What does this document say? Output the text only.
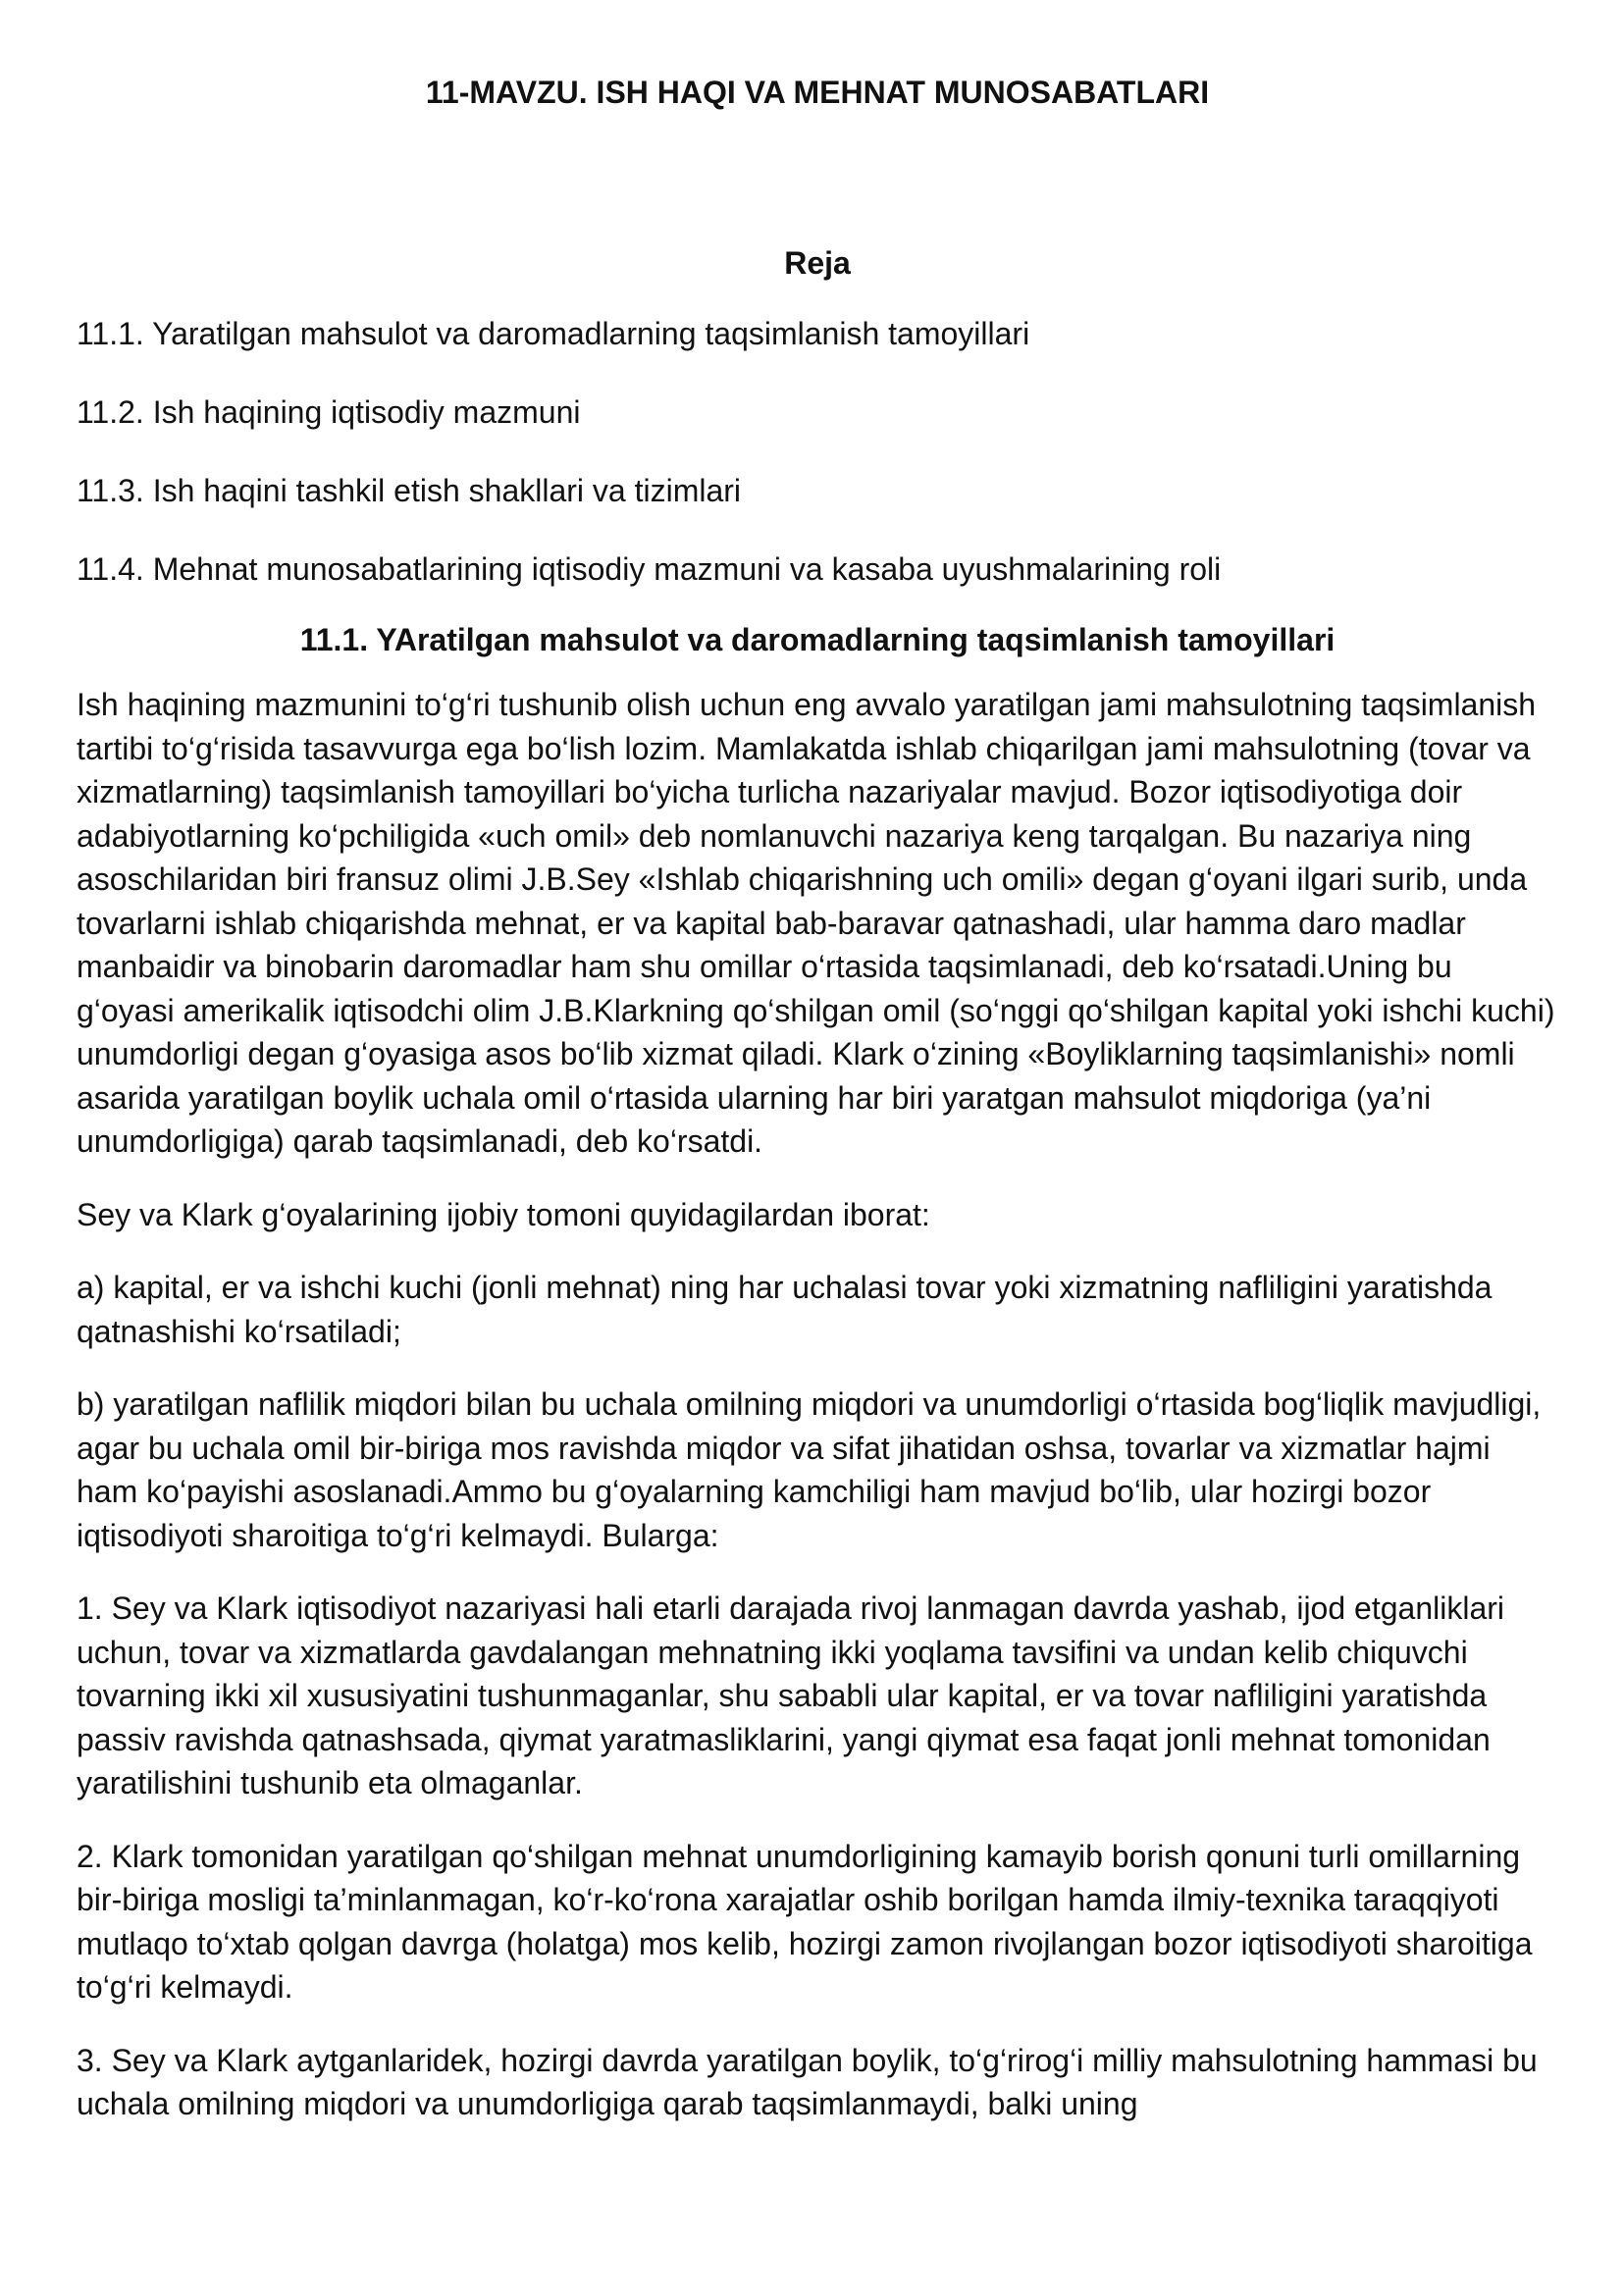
11-MAVZU. ISH HAQI VA MEHNAT MUNOSABATLARI
Reja

11.1. Yaratilgan mahsulot va daromadlarning taqsimlanish tamoyillari

11.2. Ish haqining iqtisodiy mazmuni

11.3. Ish haqini tashkil etish shakllari va tizimlari

11.4. Mehnat munosabatlarining iqtisodiy mazmuni va kasaba uyushmalarining roli

11.1. YAratilgan mahsulot va daromadlarning taqsimlanish tamoyillari

Ish haqining mazmunini to‘g‘ri tushunib olish uchun eng avvalo yaratilgan jami mahsulotning taqsimlanish tartibi to‘g‘risida tasavvurga ega bo‘lish lozim. Mamlakatda ishlab chiqarilgan jami mahsulotning (tovar va xizmatlarning) taqsimlanish tamoyillari bo‘yicha turlicha nazariyalar mavjud. Bozor iqtisodiyotiga doir adabiyotlarning ko‘pchiligida «uch omil» deb nomlanuvchi nazariya keng tarqalgan. Bu nazariya ning asoschilaridan biri fransuz olimi J.B.Sey «Ishlab chiqarishning uch omili» degan g‘oyani ilgari surib, unda tovarlarni ishlab chiqarishda mehnat, er va kapital bab-baravar qatnashadi, ular hamma daro madlar manbaidir va binobarin daromadlar ham shu omillar o‘rtasida taqsimlanadi, deb ko‘rsatadi.Uning bu g‘oyasi amerikalik iqtisodchi olim J.B.Klarkning qo‘shilgan omil (so‘nggi qo‘shilgan kapital yoki ishchi kuchi) unumdorligi degan g‘oyasiga asos bo‘lib xizmat qiladi. Klark o‘zining «Boyliklarning taqsimlanishi» nomli asarida yaratilgan boylik uchala omil o‘rtasida ularning har biri yaratgan mahsulot miqdoriga (ya’ni unumdorligiga) qarab taqsimlanadi, deb ko‘rsatdi.

Sey va Klark g‘oyalarining ijobiy tomoni quyidagilardan iborat:

a) kapital, er va ishchi kuchi (jonli mehnat) ning har uchalasi tovar yoki xizmatning nafliligini yaratishda qatnashishi ko‘rsatiladi;

b) yaratilgan naflilik miqdori bilan bu uchala omilning miqdori va unumdorligi o‘rtasida bog‘liqlik mavjudligi, agar bu uchala omil bir-biriga mos ravishda miqdor va sifat jihatidan oshsa, tovarlar va xizmatlar hajmi ham ko‘payishi asoslanadi.Ammo bu g‘oyalarning kamchiligi ham mavjud bo‘lib, ular hozirgi bozor iqtisodiyoti sharoitiga to‘g‘ri kelmaydi. Bularga:

1. Sey va Klark iqtisodiyot nazariyasi hali etarli darajada rivoj lanmagan davrda yashab, ijod etganliklari uchun, tovar va xizmatlarda gavdalangan mehnatning ikki yoqlama tavsifini va undan kelib chiquvchi tovarning ikki xil xususiyatini tushunmaganlar, shu sababli ular kapital, er va tovar nafliligini yaratishda passiv ravishda qatnashsada, qiymat yaratmasliklarini, yangi qiymat esa faqat jonli mehnat tomonidan yaratilishini tushunib eta olmaganlar.

2. Klark tomonidan yaratilgan qo‘shilgan mehnat unumdorligining kamayib borish qonuni turli omillarning bir-biriga mosligi ta’minlanmagan, ko‘r-ko‘rona xarajatlar oshib borilgan hamda ilmiy-texnika taraqqiyoti mutlaqo to‘xtab qolgan davrga (holatga) mos kelib, hozirgi zamon rivojlangan bozor iqtisodiyoti sharoitiga to‘g‘ri kelmaydi.

3. Sey va Klark aytganlaridek, hozirgi davrda yaratilgan boylik, to‘g‘rirog‘i milliy mahsulotning hammasi bu uchala omilning miqdori va unumdorligiga qarab taqsimlanmaydi, balki uning
